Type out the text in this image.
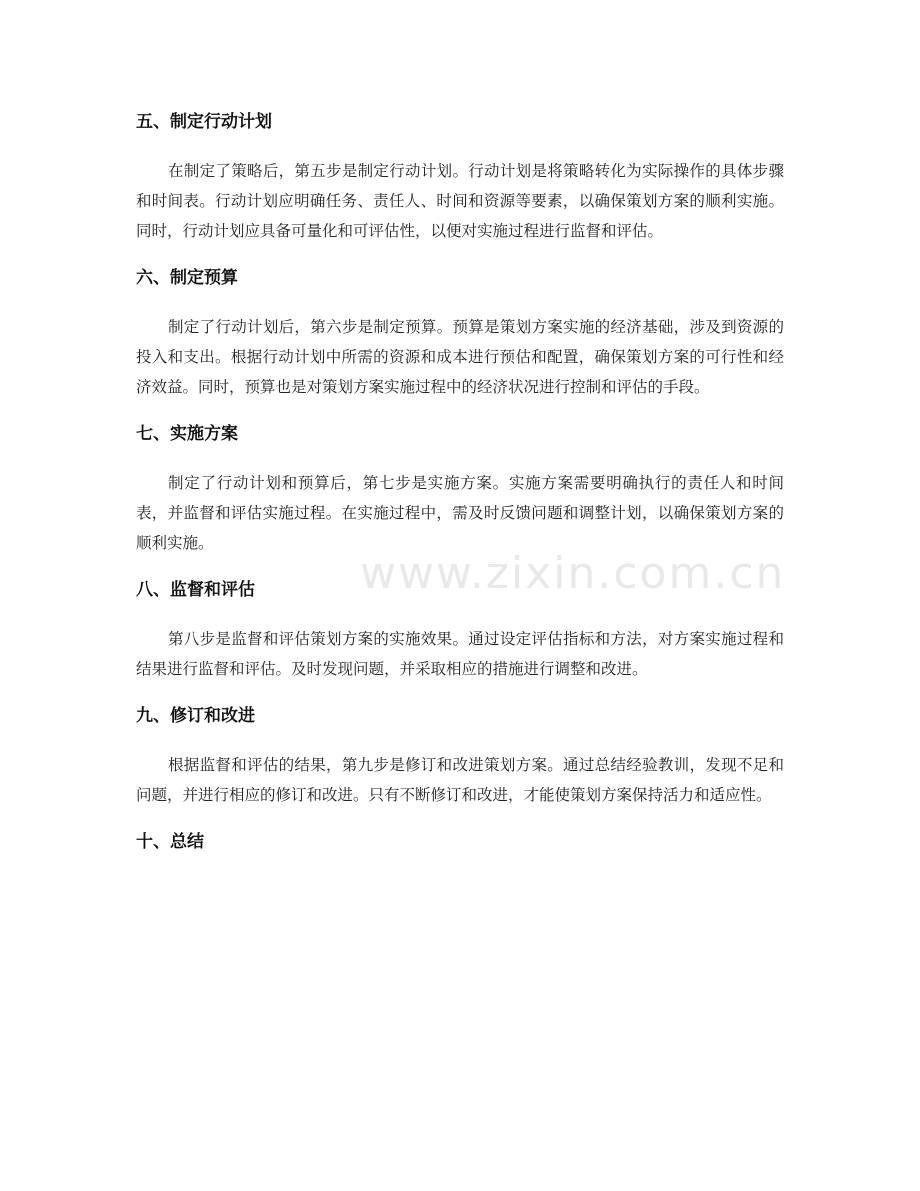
www.zixin.com.cn
五、制定行动计划

在制定了策略后，第五步是制定行动计划。行动计划是将策略转化为实际操作的具体步骤和时间表。行动计划应明确任务、责任人、时间和资源等要素，以确保策划方案的顺利实施。同时，行动计划应具备可量化和可评估性，以便对实施过程进行监督和评估。

六、制定预算

制定了行动计划后，第六步是制定预算。预算是策划方案实施的经济基础，涉及到资源的投入和支出。根据行动计划中所需的资源和成本进行预估和配置，确保策划方案的可行性和经济效益。同时，预算也是对策划方案实施过程中的经济状况进行控制和评估的手段。

七、实施方案

制定了行动计划和预算后，第七步是实施方案。实施方案需要明确执行的责任人和时间表，并监督和评估实施过程。在实施过程中，需及时反馈问题和调整计划，以确保策划方案的顺利实施。

八、监督和评估

第八步是监督和评估策划方案的实施效果。通过设定评估指标和方法，对方案实施过程和结果进行监督和评估。及时发现问题，并采取相应的措施进行调整和改进。

九、修订和改进

根据监督和评估的结果，第九步是修订和改进策划方案。通过总结经验教训，发现不足和问题，并进行相应的修订和改进。只有不断修订和改进，才能使策划方案保持活力和适应性。

十、总结
